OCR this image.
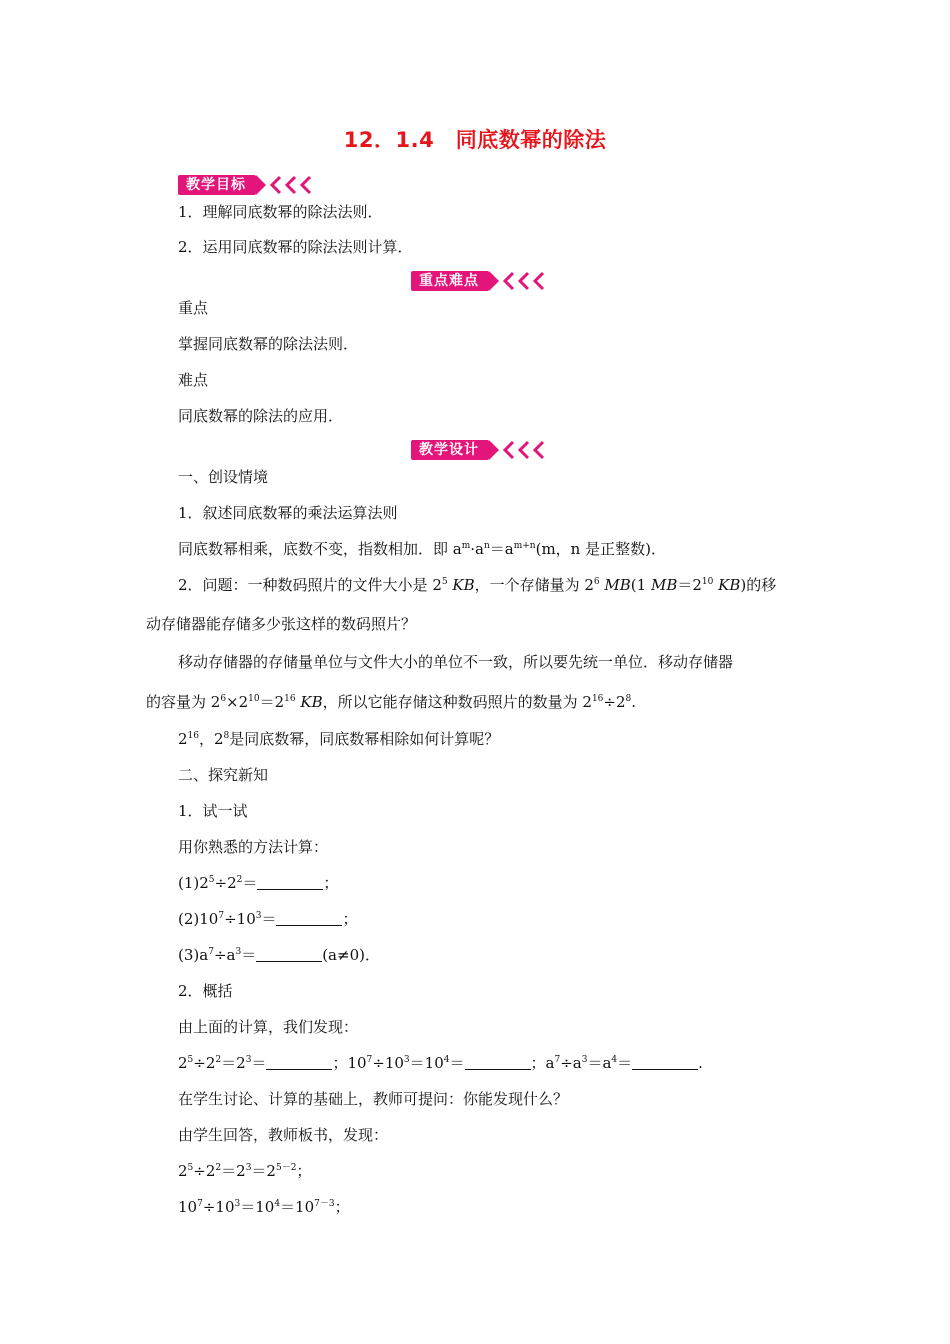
12．1.4　同底数幂的除法
教学目标
1．理解同底数幂的除法法则．
2．运用同底数幂的除法法则计算．
重点难点
重点
掌握同底数幂的除法法则．
难点
同底数幂的除法的应用．
教学设计
一、创设情境
1．叙述同底数幂的乘法运算法则
同底数幂相乘，底数不变，指数相加．即 $a^m\cdot a^n=a^{m+n}(m$，n 是正整数)．
2．问题：一种数码照片的文件大小是 $2^5$ KB，一个存储量为 $2^6$ MB(1 $MB=2^{10}$ KB)的移
动存储器能存储多少张这样的数码照片？
移动存储器的存储量单位与文件大小的单位不一致，所以要先统一单位．移动存储器
的容量为 $2^6\times 2^{10}=2^{16}$ KB，所以它能存储这种数码照片的数量为 $2^{16}\div 2^8$.
$2^{16}$，$2^8$是同底数幂，同底数幂相除如何计算呢？
二、探究新知
1．试一试
用你熟悉的方法计算：
$(1)2^5\div 2^2=$	；
$(2)10^7\div 10^3=$	；
$(3)a^7\div a^3=$	(a≠0)．
2．概括
由上面的计算，我们发现：
$2^5\div 2^2=2^3=$	；$10^7\div 10^3=10^4=$	；$a^7\div a^3=a^4=$	.
在学生讨论、计算的基础上，教师可提问：你能发现什么？
由学生回答，教师板书，发现：
$2^5\div 2^2=2^3=2^{5-2}$；
$10^7\div 10^3=10^4=10^{7-3}$；
